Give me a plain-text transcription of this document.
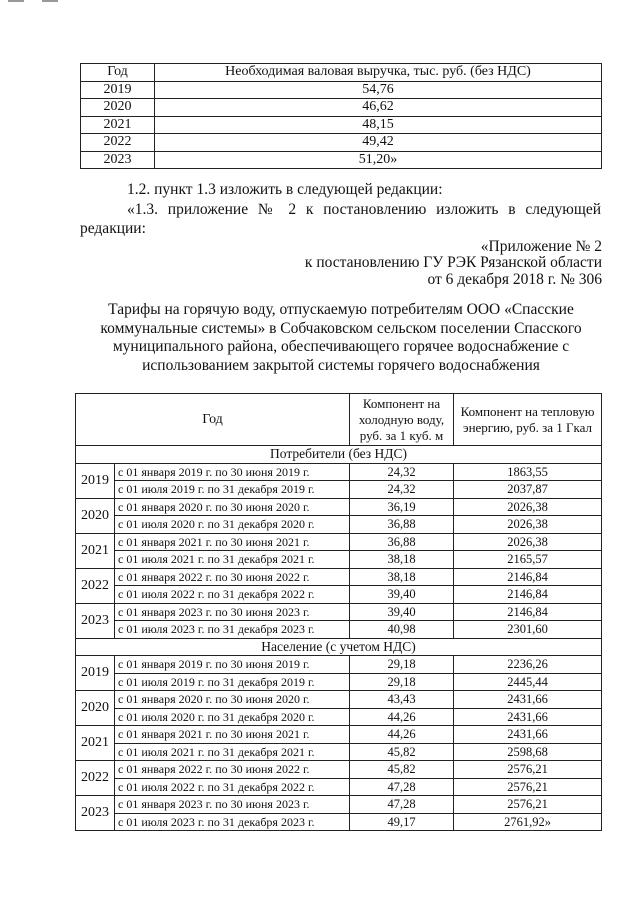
Год	Необходимая валовая выручка, тыс. руб. (без НДС)
2019	54,76
2020	46,62
2021	48,15
2022	49,42
2023	51,20»
1.2. пункт 1.3 изложить в следующей редакции:
«1.3. приложение № 2 к постановлению изложить в следующей
редакции:
«Приложение № 2
к постановлению ГУ РЭК Рязанской области
от 6 декабря 2018 г. № 306
Тарифы на горячую воду, отпускаемую потребителям ООО «Спасские коммунальные системы» в Собчаковском сельском поселении Спасского муниципального района, обеспечивающего горячее водоснабжение с использованием закрытой системы горячего водоснабжения
Год		Компонент на холодную воду, руб. за 1 куб. м	Компонент на тепловую энергию, руб. за 1 Гкал
Потребители (без НДС)			
2019	с 01 января 2019 г. по 30 июня 2019 г.	24,32	1863,55
	с 01 июля 2019 г. по 31 декабря 2019 г.	24,32	2037,87
2020	с 01 января 2020 г. по 30 июня 2020 г.	36,19	2026,38
	с 01 июля 2020 г. по 31 декабря 2020 г.	36,88	2026,38
2021	с 01 января 2021 г. по 30 июня 2021 г.	36,88	2026,38
	с 01 июля 2021 г. по 31 декабря 2021 г.	38,18	2165,57
2022	с 01 января 2022 г. по 30 июня 2022 г.	38,18	2146,84
	с 01 июля 2022 г. по 31 декабря 2022 г.	39,40	2146,84
2023	с 01 января 2023 г. по 30 июня 2023 г.	39,40	2146,84
	с 01 июля 2023 г. по 31 декабря 2023 г.	40,98	2301,60
Население (с учетом НДС)			
2019	с 01 января 2019 г. по 30 июня 2019 г.	29,18	2236,26
	с 01 июля 2019 г. по 31 декабря 2019 г.	29,18	2445,44
2020	с 01 января 2020 г. по 30 июня 2020 г.	43,43	2431,66
	с 01 июля 2020 г. по 31 декабря 2020 г.	44,26	2431,66
2021	с 01 января 2021 г. по 30 июня 2021 г.	44,26	2431,66
	с 01 июля 2021 г. по 31 декабря 2021 г.	45,82	2598,68
2022	с 01 января 2022 г. по 30 июня 2022 г.	45,82	2576,21
	с 01 июля 2022 г. по 31 декабря 2022 г.	47,28	2576,21
2023	с 01 января 2023 г. по 30 июня 2023 г.	47,28	2576,21
	с 01 июля 2023 г. по 31 декабря 2023 г.	49,17	2761,92»
